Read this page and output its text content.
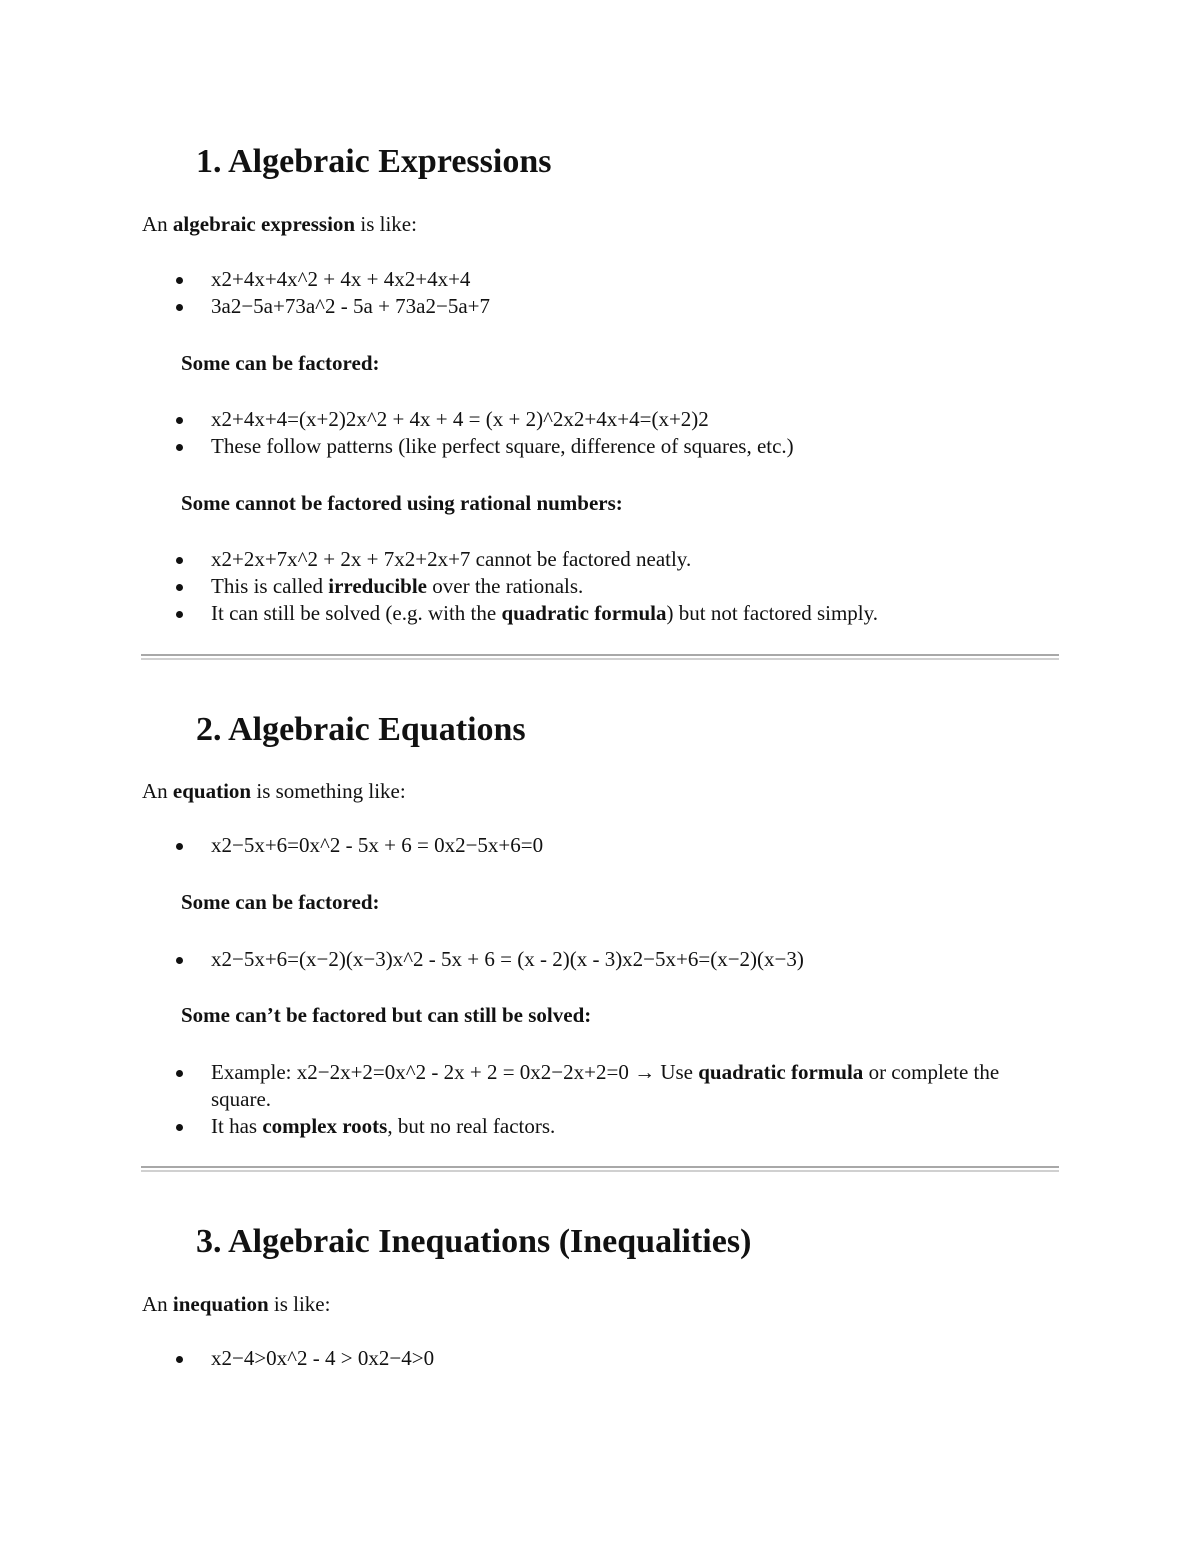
1. Algebraic Expressions

An algebraic expression is like:

x2+4x+4x^2 + 4x + 4x2+4x+4
3a2−5a+73a^2 - 5a + 73a2−5a+7

Some can be factored:

x2+4x+4=(x+2)2x^2 + 4x + 4 = (x + 2)^2x2+4x+4=(x+2)2
These follow patterns (like perfect square, difference of squares, etc.)

Some cannot be factored using rational numbers:

x2+2x+7x^2 + 2x + 7x2+2x+7 cannot be factored neatly.
This is called irreducible over the rationals.
It can still be solved (e.g. with the quadratic formula) but not factored simply.
2. Algebraic Equations

An equation is something like:

x2−5x+6=0x^2 - 5x + 6 = 0x2−5x+6=0

Some can be factored:

x2−5x+6=(x−2)(x−3)x^2 - 5x + 6 = (x - 2)(x - 3)x2−5x+6=(x−2)(x−3)

Some can’t be factored but can still be solved:

Example: x2−2x+2=0x^2 - 2x + 2 = 0x2−2x+2=0 → Use quadratic formula or complete the square.
It has complex roots, but no real factors.
3. Algebraic Inequations (Inequalities)

An inequation is like:

x2−4>0x^2 - 4 > 0x2−4>0
